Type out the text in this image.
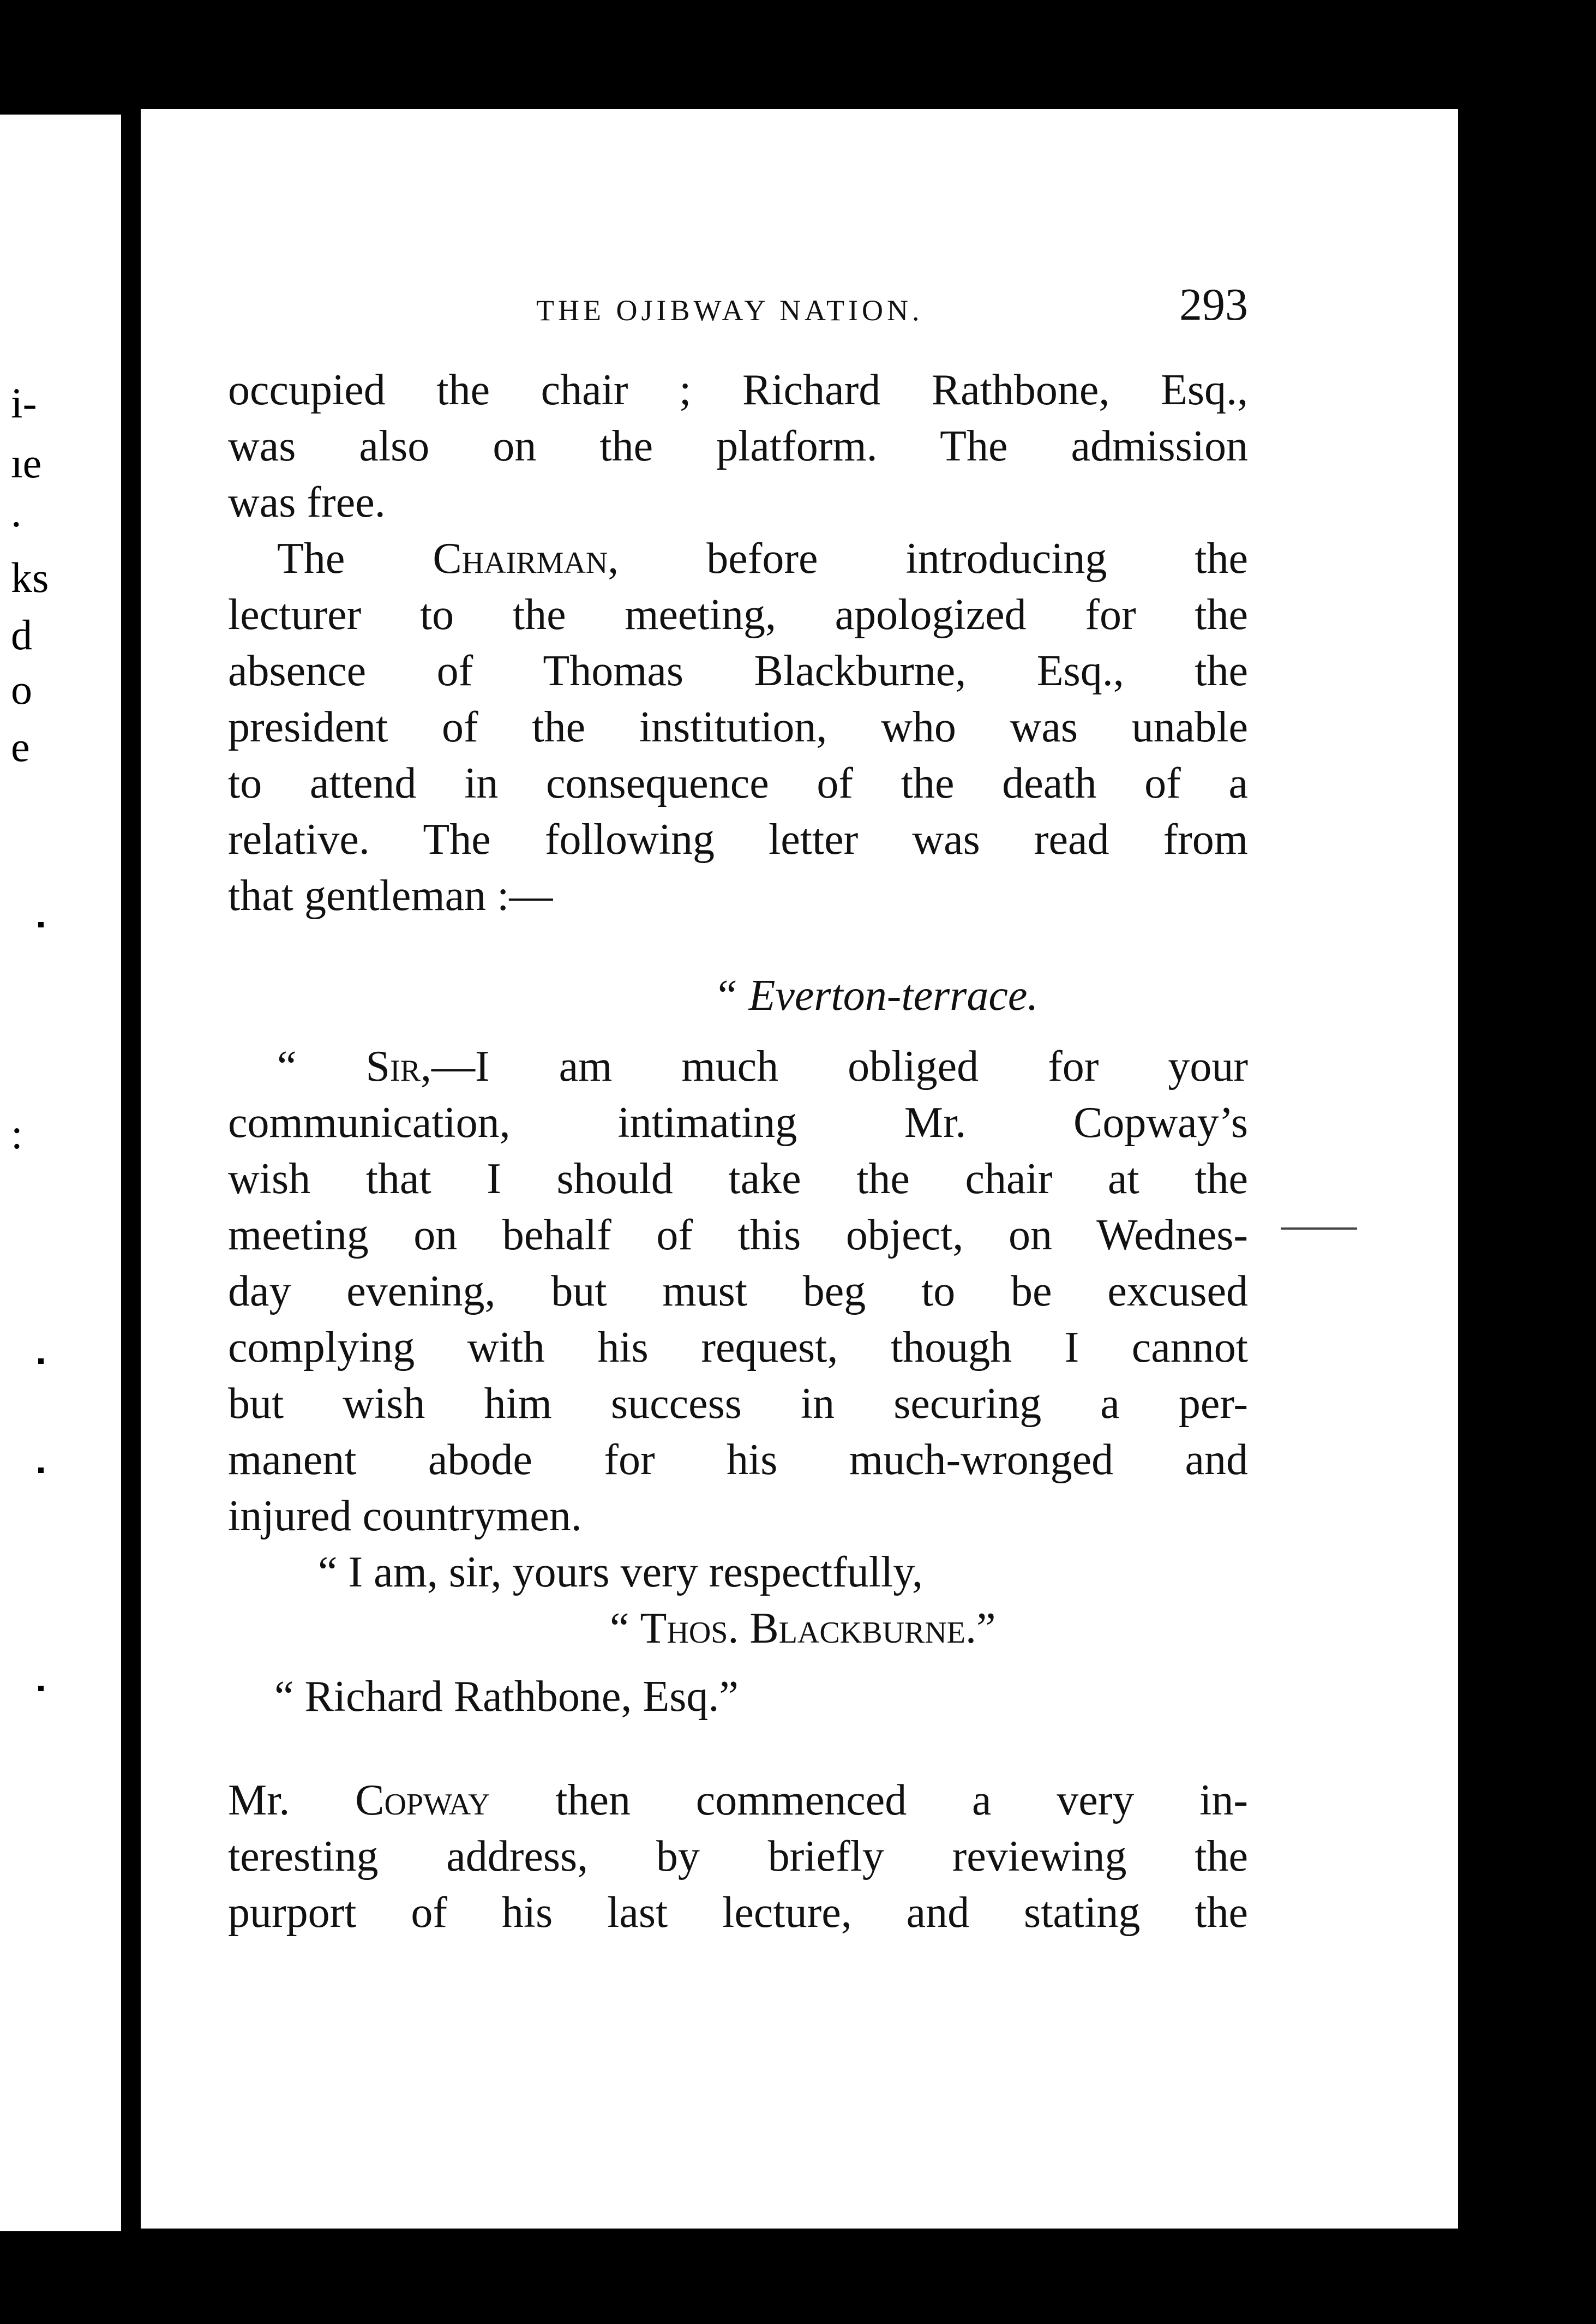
i-
ıe
.
ks
d
o
e
:
THE OJIBWAY NATION.	293
occupied the chair ; Richard Rathbone, Esq.,
was also on the platform. The admission
was free.
The Chairman, before introducing the
lecturer to the meeting, apologized for the
absence of Thomas Blackburne, Esq., the
president of the institution, who was unable
to attend in consequence of the death of a
relative. The following letter was read from
that gentleman :—
“ Everton-terrace.
“ Sir,—I am much obliged for your
communication, intimating Mr. Copway’s
wish that I should take the chair at the
meeting on behalf of this object, on Wednes-
day evening, but must beg to be excused
complying with his request, though I cannot
but wish him success in securing a per-
manent abode for his much-wronged and
injured countrymen.
“ I am, sir, yours very respectfully,
“ Thos. Blackburne.”
“ Richard Rathbone, Esq.”
Mr. Copway then commenced a very in-
teresting address, by briefly reviewing the
purport of his last lecture, and stating the
